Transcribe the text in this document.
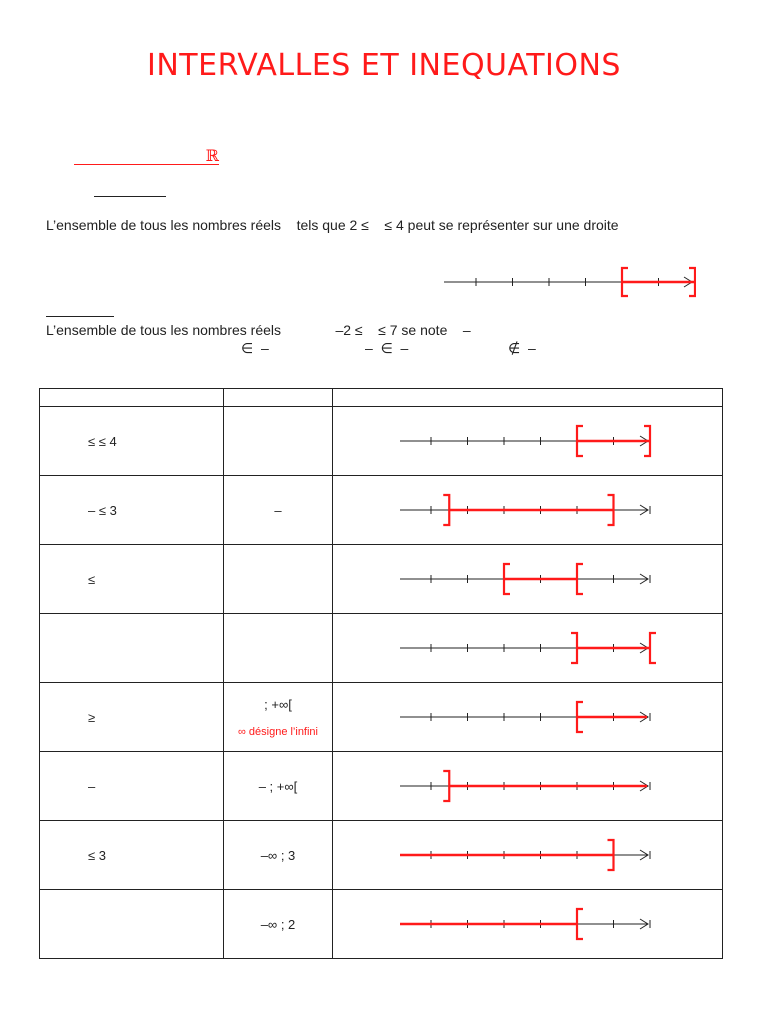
INTERVALLES ET INEQUATIONS
ℝ
L’ensemble de tous les nombres réels    tels que 2 ≤    ≤ 4 peut se représenter sur une droite
L’ensemble de tous les nombres réels              –2 ≤    ≤ 7 se note    –
∈  –	–  ∈  –	∉  –

≤ ≤ 4		

– ≤ 3	–	

≤		

≥	; +∞[
∞ désigne l’infini

–	– ; +∞[	

≤ 3	–∞ ; 3	

	–∞ ; 2	
